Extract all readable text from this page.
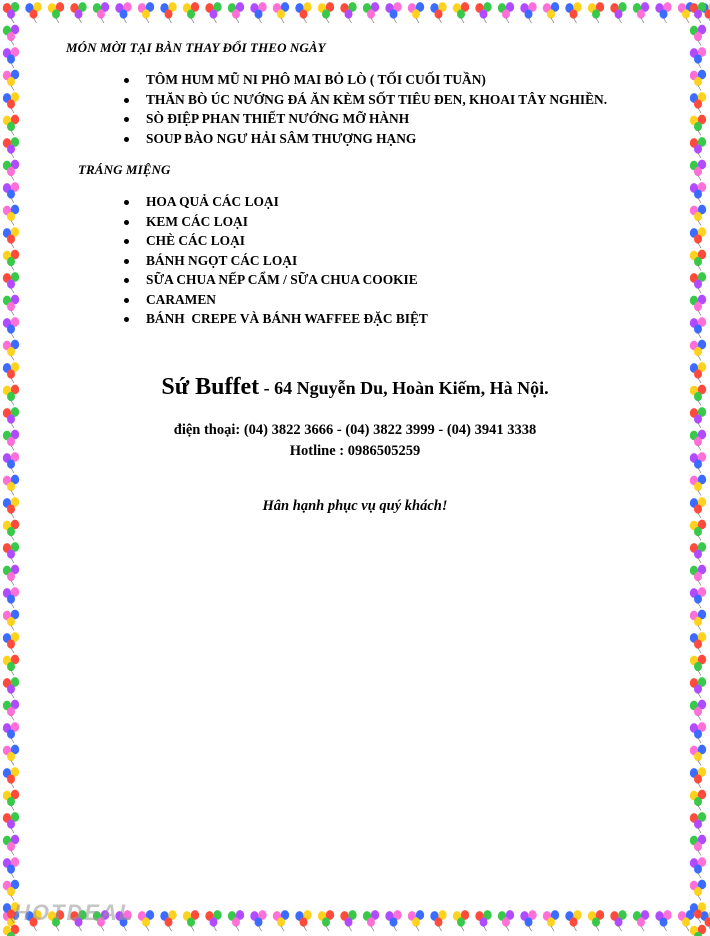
MÓN MỜI TẠI BÀN THAY ĐỔI THEO NGÀY
TÔM HUM MŨ NI PHÔ MAI BỎ LÒ ( TỐI CUỐI TUẦN)
THĂN BÒ ÚC NƯỚNG ĐÁ ĂN KÈM SỐT TIÊU ĐEN, KHOAI TÂY NGHIỀN.
SÒ ĐIỆP PHAN THIẾT NƯỚNG MỠ HÀNH
SOUP BÀO NGƯ HẢI SÂM THƯỢNG HẠNG
TRÁNG MIỆNG
HOA QUẢ CÁC LOẠI
KEM CÁC LOẠI
CHÈ CÁC LOẠI
BÁNH NGỌT CÁC LOẠI
SỮA CHUA NẾP CẨM / SỮA CHUA COOKIE
CARAMEN
BÁNH  CREPE VÀ BÁNH WAFFEE ĐẶC BIỆT
Sứ Buffet - 64 Nguyễn Du, Hoàn Kiếm, Hà Nội.
điện thoại: (04) 3822 3666 - (04) 3822 3999 - (04) 3941 3338
Hotline : 0986505259
Hân hạnh phục vụ quý khách!
HOTDEAL
